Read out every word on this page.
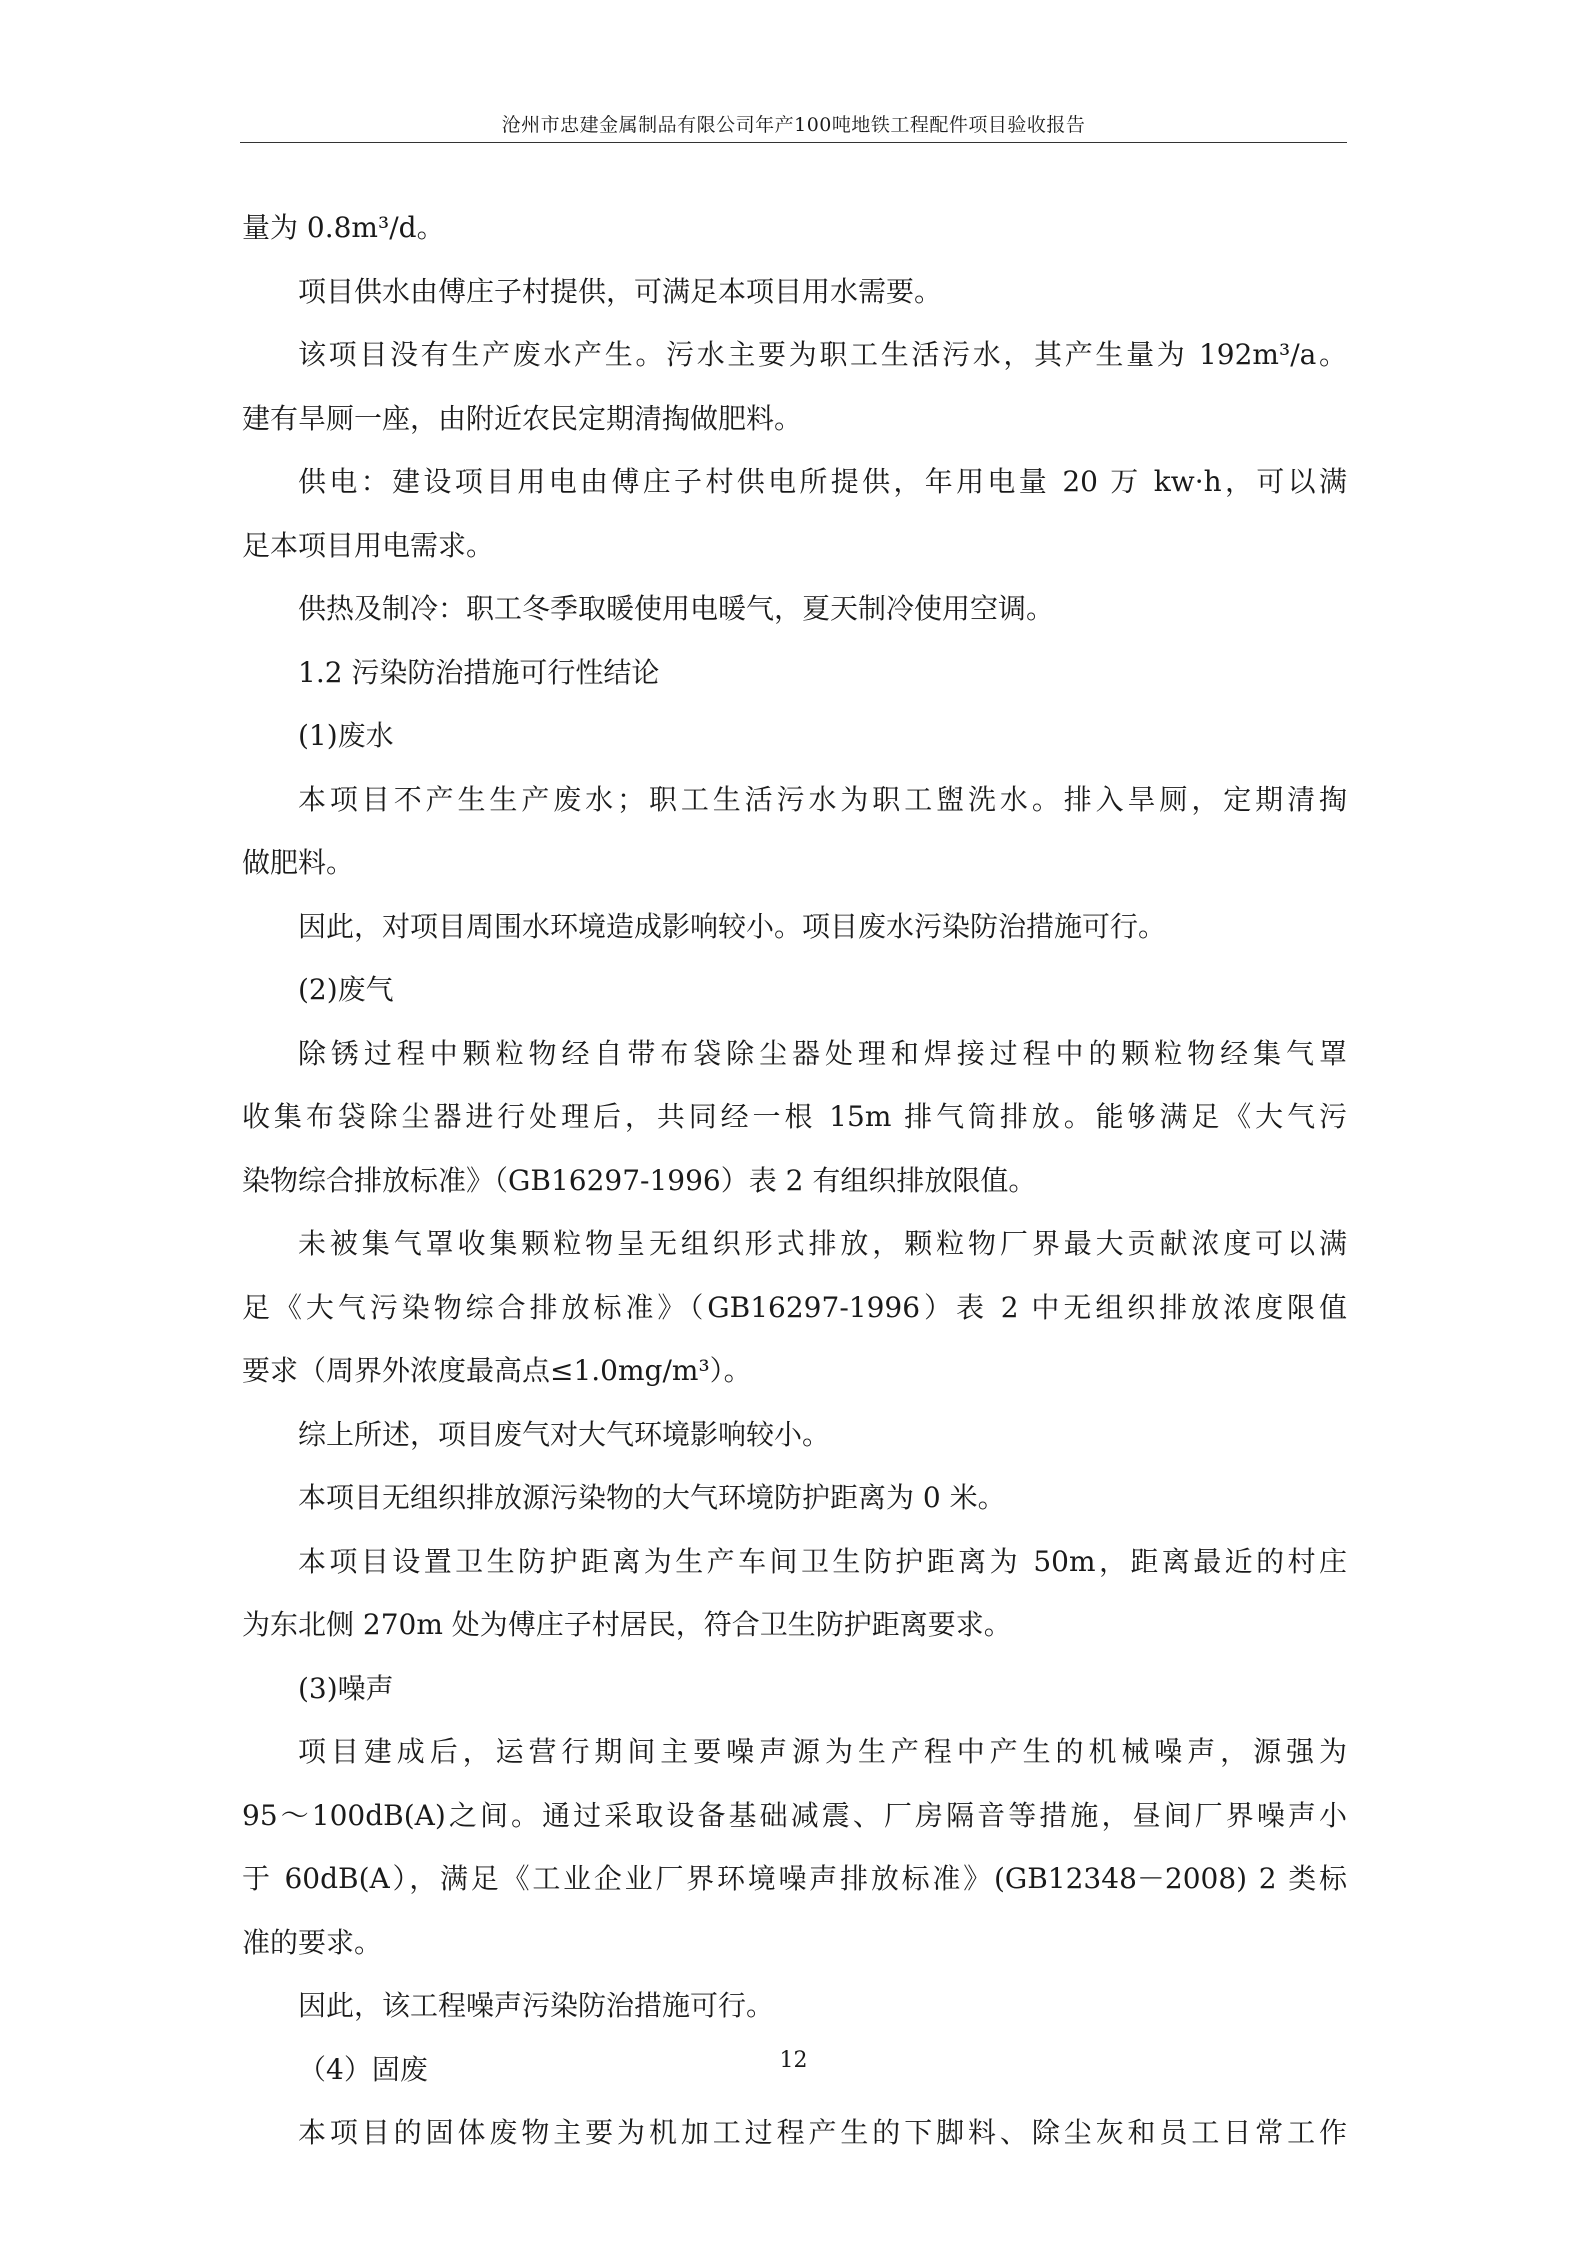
沧州市忠建金属制品有限公司年产100吨地铁工程配件项目验收报告
量为 0.8m³/d。
项目供水由傅庄子村提供，可满足本项目用水需要。
该项目没有生产废水产生。污水主要为职工生活污水，其产生量为 192m³/a。
建有旱厕一座，由附近农民定期清掏做肥料。
供电：建设项目用电由傅庄子村供电所提供，年用电量 20 万 kw·h，可以满
足本项目用电需求。
供热及制冷：职工冬季取暖使用电暖气，夏天制冷使用空调。
1.2 污染防治措施可行性结论
(1)废水
本项目不产生生产废水；职工生活污水为职工盥洗水。排入旱厕，定期清掏
做肥料。
因此，对项目周围水环境造成影响较小。项目废水污染防治措施可行。
(2)废气
除锈过程中颗粒物经自带布袋除尘器处理和焊接过程中的颗粒物经集气罩
收集布袋除尘器进行处理后，共同经一根 15m 排气筒排放。能够满足《大气污
染物综合排放标准》（GB16297-1996）表 2 有组织排放限值。
未被集气罩收集颗粒物呈无组织形式排放，颗粒物厂界最大贡献浓度可以满
足《大气污染物综合排放标准》（GB16297-1996）表 2 中无组织排放浓度限值
要求（周界外浓度最高点≤1.0mg/m³）。
综上所述，项目废气对大气环境影响较小。
本项目无组织排放源污染物的大气环境防护距离为 0 米。
本项目设置卫生防护距离为生产车间卫生防护距离为 50m，距离最近的村庄
为东北侧 270m 处为傅庄子村居民，符合卫生防护距离要求。
(3)噪声
项目建成后，运营行期间主要噪声源为生产程中产生的机械噪声，源强为
95～100dB(A)之间。通过采取设备基础减震、厂房隔音等措施，昼间厂界噪声小
于 60dB(A），满足《工业企业厂界环境噪声排放标准》(GB12348－2008) 2 类标
准的要求。
因此，该工程噪声污染防治措施可行。
（4）固废
本项目的固体废物主要为机加工过程产生的下脚料、除尘灰和员工日常工作
12
